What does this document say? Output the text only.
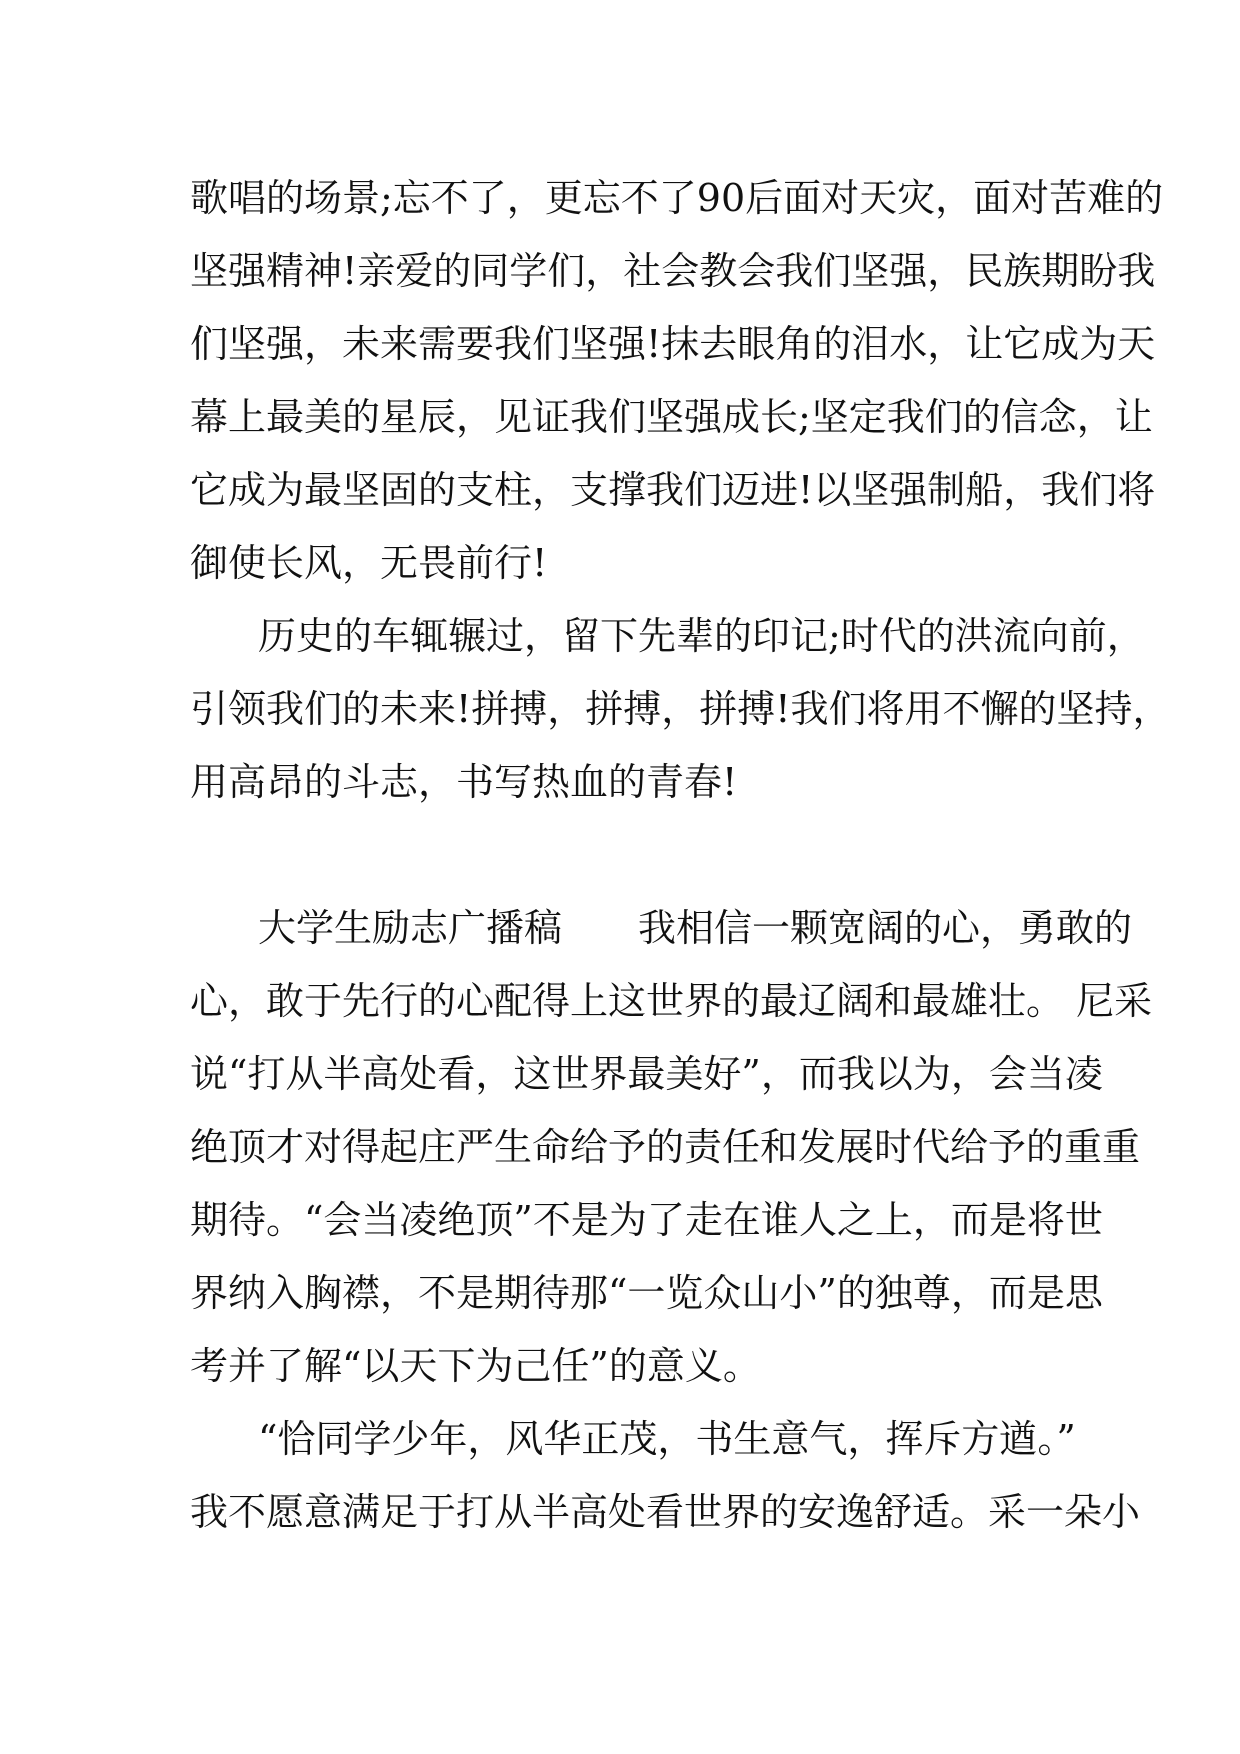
歌唱的场景;忘不了，更忘不了90后面对天灾，面对苦难的
坚强精神!亲爱的同学们，社会教会我们坚强，民族期盼我
们坚强，未来需要我们坚强!抹去眼角的泪水，让它成为天
幕上最美的星辰，见证我们坚强成长;坚定我们的信念，让
它成为最坚固的支柱，支撑我们迈进!以坚强制船，我们将
御使长风，无畏前行!
历史的车辄辗过，留下先辈的印记;时代的洪流向前，
引领我们的未来!拼搏，拼搏，拼搏!我们将用不懈的坚持，
用高昂的斗志，书写热血的青春!
大学生励志广播稿　　我相信一颗宽阔的心，勇敢的
心，敢于先行的心配得上这世界的最辽阔和最雄壮。 尼采
说“打从半高处看，这世界最美好”，而我以为，会当凌
绝顶才对得起庄严生命给予的责任和发展时代给予的重重
期待。“会当凌绝顶”不是为了走在谁人之上，而是将世
界纳入胸襟，不是期待那“一览众山小”的独尊，而是思
考并了解“以天下为己任”的意义。
“恰同学少年，风华正茂，书生意气，挥斥方遒。”
我不愿意满足于打从半高处看世界的安逸舒适。采一朵小
